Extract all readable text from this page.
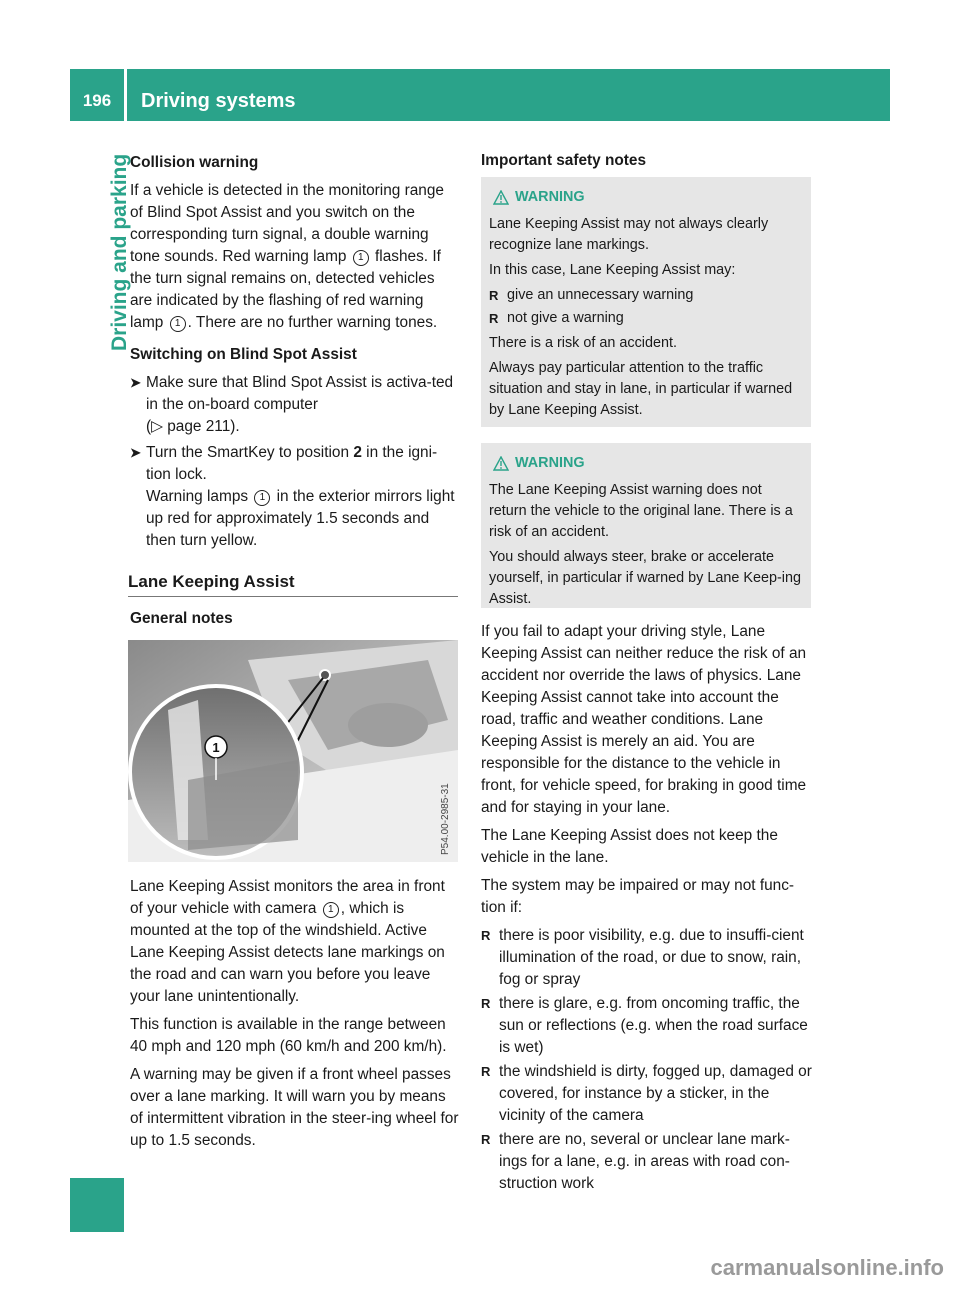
196	Driving systems
Driving and parking Collision warning

If a vehicle is detected in the monitoring range of Blind Spot Assist and you switch on the corresponding turn signal, a double warning tone sounds. Red warning lamp 1 flashes. If the turn signal remains on, detected vehicles are indicated by the flashing of red warning lamp 1 . There are no further warning tones.

Switching on Blind Spot Assist
➤ Make sure that Blind Spot Assist is activa-ted in the on-board computer
(▷ page 211).
➤ Turn the SmartKey to position 2 in the igni-tion lock.
Warning lamps 1 in the exterior mirrors light up red for approximately 1.5 seconds and then turn yellow.
Lane Keeping Assist
General notes
1
P54.00-2985-31

Lane Keeping Assist monitors the area in front of your vehicle with camera 1 , which is mounted at the top of the windshield. Active Lane Keeping Assist detects lane markings on the road and can warn you before you leave your lane unintentionally.

This function is available in the range between 40 mph and 120 mph (60 km/h and 200 km/h).

A warning may be given if a front wheel passes over a lane marking. It will warn you by means of intermittent vibration in the steer-ing wheel for up to 1.5 seconds.

Important safety notes
WARNING

Lane Keeping Assist may not always clearly recognize lane markings.

In this case, Lane Keeping Assist may:

R give an unnecessary warning
R not give a warning

There is a risk of an accident.

Always pay particular attention to the traffic situation and stay in lane, in particular if warned by Lane Keeping Assist.

WARNING

The Lane Keeping Assist warning does not return the vehicle to the original lane. There is a risk of an accident.

You should always steer, brake or accelerate yourself, in particular if warned by Lane Keep-ing Assist.

If you fail to adapt your driving style, Lane Keeping Assist can neither reduce the risk of an accident nor override the laws of physics. Lane Keeping Assist cannot take into account the road, traffic and weather conditions. Lane Keeping Assist is merely an aid. You are responsible for the distance to the vehicle in front, for vehicle speed, for braking in good time and for staying in your lane.

The Lane Keeping Assist does not keep the vehicle in the lane.

The system may be impaired or may not func-tion if:

R there is poor visibility, e.g. due to insuffi-cient illumination of the road, or due to snow, rain, fog or spray
R there is glare, e.g. from oncoming traffic, the sun or reflections (e.g. when the road surface is wet)
R the windshield is dirty, fogged up, damaged or covered, for instance by a sticker, in the vicinity of the camera
R there are no, several or unclear lane mark-ings for a lane, e.g. in areas with road con-struction work
carmanualsonline.info
